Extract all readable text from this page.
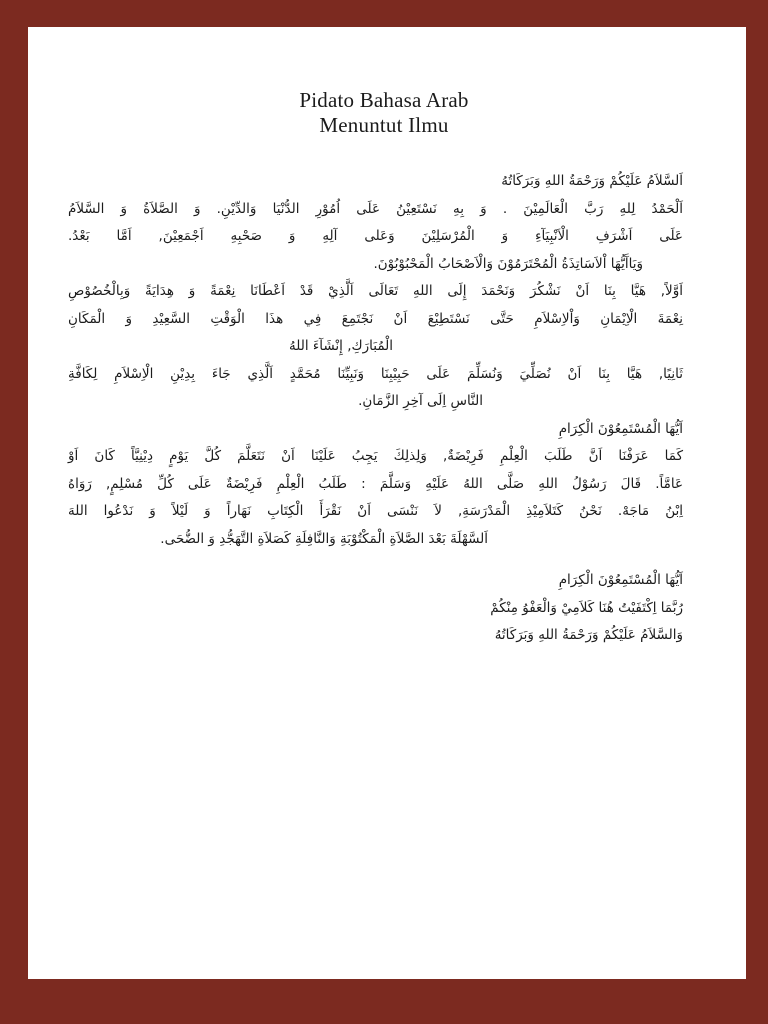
Pidato Bahasa Arab
Menuntut Ilmu
اَلسَّلاَمُ عَلَيْكُمْ وَرَحْمَةُ اللهِ وَبَرَكَاتُهُ
اَلْحَمْدُ لِلهِ رَبَّ الْعَالَمِيْنَ . وَ بِهِ نَسْتَعِيْنُ عَلَى اُمُوْرِ الدُّنْيَا وَالدِّيْنِ. وَ الصَّلاَةُ وَ السَّلاَمُ
عَلَى اَشْرَفِ الْاَنْبِيَآءِ وَ الْمُرْسَلِيْنَ وَعَلى آلِهِ وَ صَحْبِهِ اَجْمَعِيْنَ, اَمَّا بَعْدُ.
وَيَاآَيُّهَا اْلاَسَاتِذَةُ الْمُحْتَرَمُوْنَ وَالْاَصْحَابُ الْمَحْبُوْبُوْنَ.
اَوَّلاً, هَيَّا بِنَا اَنْ نَشْكُرَ وَنَحْمَدَ إِلَى اللهِ تَعَالَى اَلَّذِيْ قَدْ اَعْطَانَا نِعْمَةً وَ هِدَايَةً وَبِالْخُصُوْصِ
نِعْمَةَ الْاِيْمَانِ وَاْلاِسْلاَمِ حَتَّى نَسْتَطِيْعَ اَنْ نَجْتَمِعَ فِي هذَا الْوَقْتِ السَّعِيْدِ وَ الْمَكَانِ
الْمُبَارَكِ, إِنْشَآءَ اللهُ
ثَانِيًا, هَيَّا بِنَا اَنْ نُصَلِّيَ وَنُسَلِّمَ عَلَى حَبِيْبِنَا وَنَبِيِّنَا مُحَمَّدٍ اَلَّذِي جَاءَ بِدِيْنِ الْاِسْلاَمِ لِكَافَّةِ
النَّاسِ اِلَى آخِرِ الزَّمَانِ.
اَيُّهَا الْمُسْتَمِعُوْنَ الْكِرَامِ
كَمَا عَرَفْنَا اَنَّ طَلَبَ الْعِلْمِ فَرِيْضَةٌ, وَلِذلِكَ يَجِبُ عَلَيْنَا اَنْ نَتَعَلَّمَ كُلَّ يَوْمٍ دِيْنِيَّاً كَانَ اَوْ
عَامَّاً. قَالَ رَسُوْلُ اللهِ صَلَّى اللهُ عَلَيْهِ وَسَلَّمَ : طَلَبُ الْعِلْمِ فَرِيْضَةٌ عَلَى كُلِّ مُسْلِمٍ, رَوَاهُ
اِبْنُ مَاجَهْ. نَحْنُ كَتَلاَمِيْذِ الْمَدْرَسَةِ, لاَ نَنْسَى اَنْ نَقْرَأَ الْكِتَابِ نَهَاراً وَ لَيْلاً وَ نَدْعُوا اللهَ
اَلسَّهْلَةَ بَعْدَ الصَّلاَةِ الْمَكْتُوْبَةِ وَالنَّافِلَةِ كَصَلاَةِ التَّهَجُّدِ وَ الضُّحَى.
اَيُّهَا الْمُسْتَمِعُوْنَ الْكِرَامِ
رُبَّمَا اِكْتَفَيْتُ هُنَا كَلاَمِيْ وَالْعَفْوُ مِنْكُمْ
وَالسَّلاَمُ عَلَيْكُمْ وَرَحْمَةُ اللهِ وَبَرَكَاتُهُ
